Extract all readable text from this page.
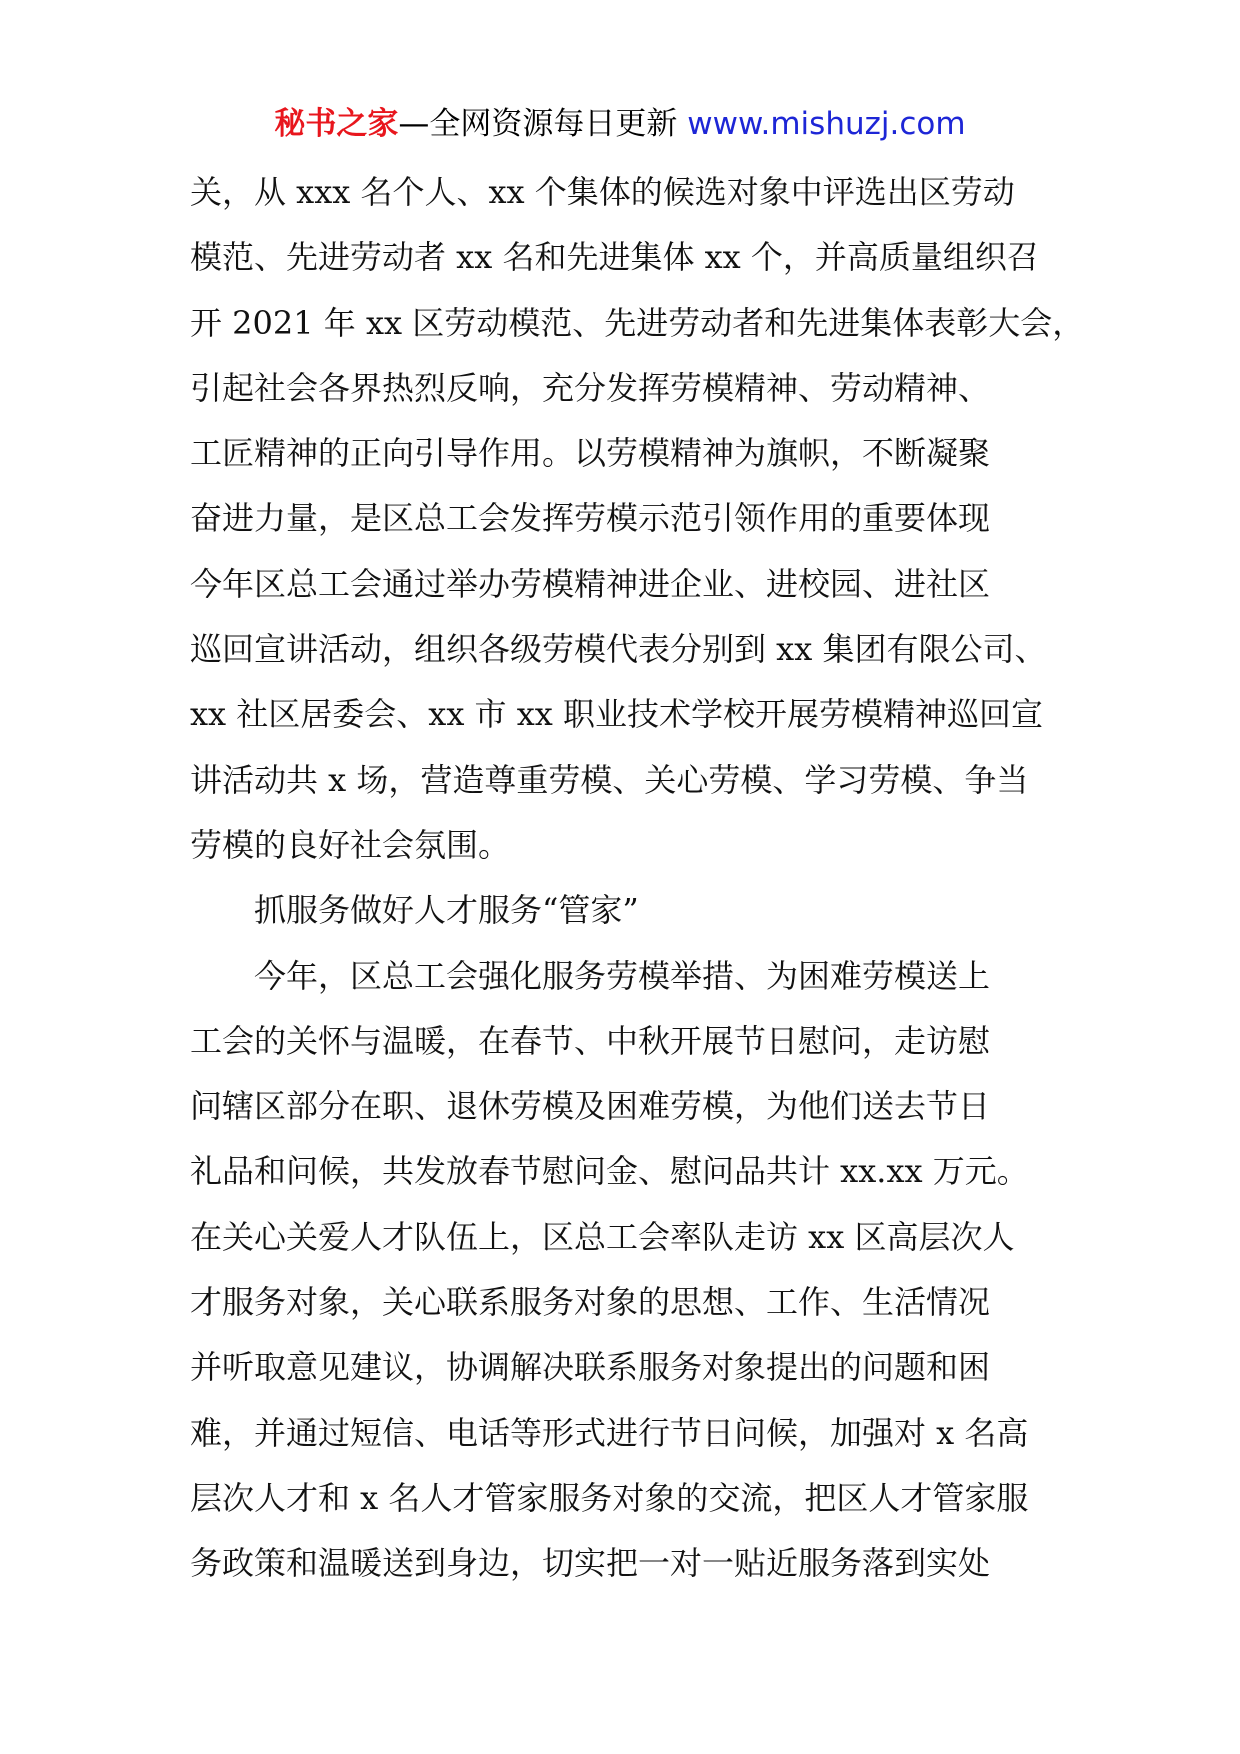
秘书之家—全网资源每日更新 www.mishuzj.com
关，从 xxx 名个人、xx 个集体的候选对象中评选出区劳动
模范、先进劳动者 xx 名和先进集体 xx 个，并高质量组织召
开 2021 年 xx 区劳动模范、先进劳动者和先进集体表彰大会，
引起社会各界热烈反响，充分发挥劳模精神、劳动精神、
工匠精神的正向引导作用。以劳模精神为旗帜，不断凝聚
奋进力量，是区总工会发挥劳模示范引领作用的重要体现
今年区总工会通过举办劳模精神进企业、进校园、进社区
巡回宣讲活动，组织各级劳模代表分别到 xx 集团有限公司、
xx 社区居委会、xx 市 xx 职业技术学校开展劳模精神巡回宣
讲活动共 x 场，营造尊重劳模、关心劳模、学习劳模、争当
劳模的良好社会氛围。
抓服务做好人才服务“管家”
今年，区总工会强化服务劳模举措、为困难劳模送上
工会的关怀与温暖，在春节、中秋开展节日慰问，走访慰
问辖区部分在职、退休劳模及困难劳模，为他们送去节日
礼品和问候，共发放春节慰问金、慰问品共计 xx.xx 万元。
在关心关爱人才队伍上，区总工会率队走访 xx 区高层次人
才服务对象，关心联系服务对象的思想、工作、生活情况
并听取意见建议，协调解决联系服务对象提出的问题和困
难，并通过短信、电话等形式进行节日问候，加强对 x 名高
层次人才和 x 名人才管家服务对象的交流，把区人才管家服
务政策和温暖送到身边，切实把一对一贴近服务落到实处
